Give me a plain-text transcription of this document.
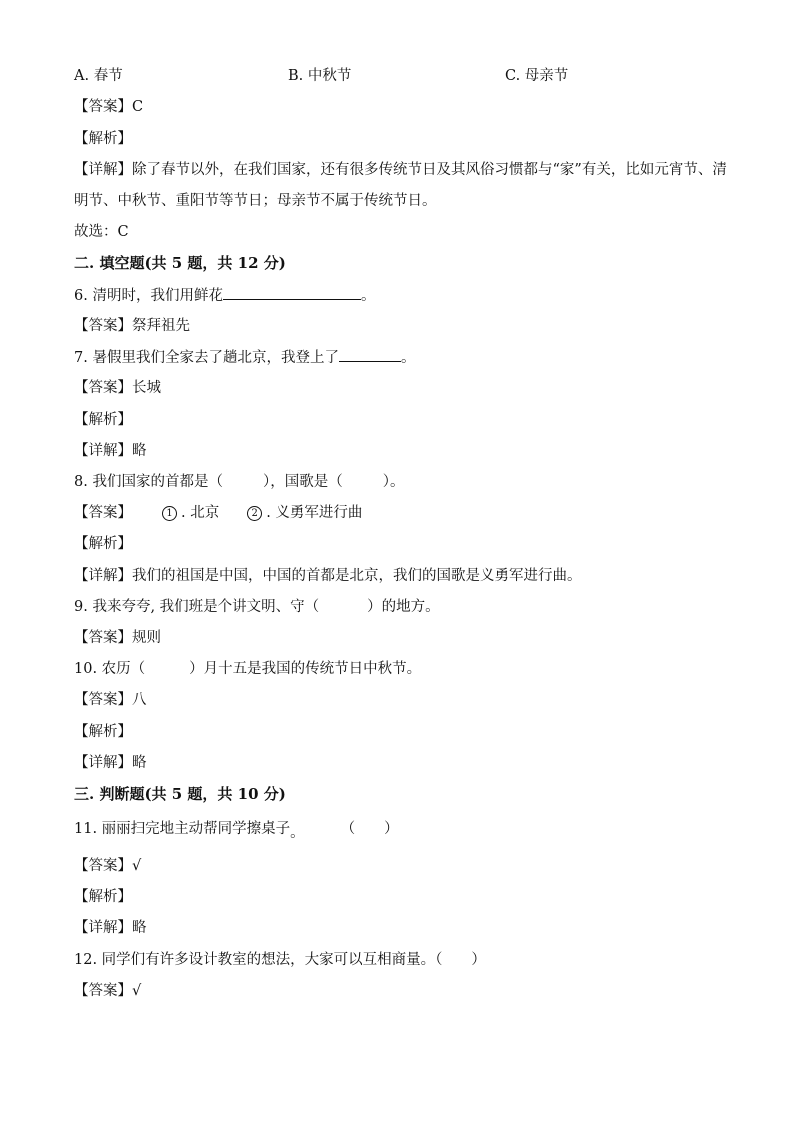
A. 春节	B. 中秋节	C. 母亲节
【答案】C
【解析】
【详解】除了春节以外，在我们国家，还有很多传统节日及其风俗习惯都与“家”有关，比如元宵节、清
明节、中秋节、重阳节等节日；母亲节不属于传统节日。
故选：C
二. 填空题(共 5 题，共 12 分)
6. 清明时，我们用鲜花	。
【答案】祭拜祖先
7. 暑假里我们全家去了趟北京，我登上了	。
【答案】长城
【解析】
【详解】略
8. 我们国家的首都是（	），国歌是（	）。
【答案】	1 . 北京	2 . 义勇军进行曲
【解析】
【详解】我们的祖国是中国，中国的首都是北京，我们的国歌是义勇军进行曲。
9. 我来夸夸, 我们班是个讲文明、守（	）的地方。
【答案】规则
10. 农历（	）月十五是我国的传统节日中秋节。
【答案】八
【解析】
【详解】略
三. 判断题(共 5 题，共 10 分)
11. 丽丽扫完地主动帮同学擦桌子。 （　　）
【答案】√
【解析】
【详解】略
12. 同学们有许多设计教室的想法，大家可以互相商量。（　　）
【答案】√
